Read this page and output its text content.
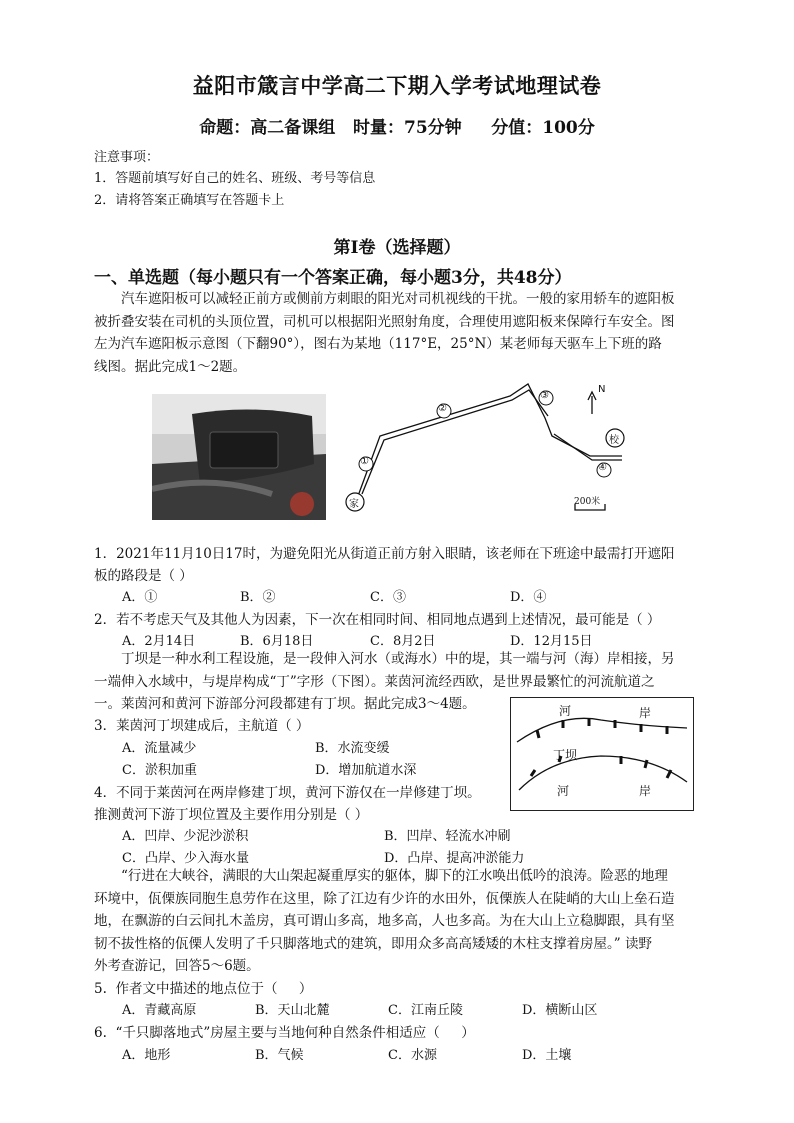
益阳市箴言中学高二下期入学考试地理试卷
命题：高二备课组   时量：75分钟     分值：100分
注意事项：
1．答题前填写好自己的姓名、班级、考号等信息
2．请将答案正确填写在答题卡上
第Ⅰ卷（选择题）
一、单选题（每小题只有一个答案正确，每小题3分，共48分）
汽车遮阳板可以减轻正前方或侧前方刺眼的阳光对司机视线的干扰。一般的家用轿车的遮阳板
被折叠安装在司机的头顶位置，司机可以根据阳光照射角度，合理使用遮阳板来保障行车安全。图
左为汽车遮阳板示意图（下翻90°），图右为某地（117°E，25°N）某老师每天驱车上下班的路
线图。据此完成1～2题。
①
②
③
④
家
校
N
200米
1．2021年11月10日17时，为避免阳光从街道正前方射入眼睛，该老师在下班途中最需打开遮阳
板的路段是（ ）
A．①	B．②	C．③	D．④
2．若不考虑天气及其他人为因素，下一次在相同时间、相同地点遇到上述情况，最可能是（ ）
A．2月14日	B．6月18日	C．8月2日	D．12月15日
丁坝是一种水利工程设施，是一段伸入河水（或海水）中的堤，其一端与河（海）岸相接，另
一端伸入水域中，与堤岸构成“丁”字形（下图）。莱茵河流经西欧，是世界最繁忙的河流航道之
一。莱茵河和黄河下游部分河段都建有丁坝。据此完成3～4题。	河	岸
丁坝
河	岸
3．莱茵河丁坝建成后，主航道（ ）
A．流量减少	B．水流变缓
C．淤积加重	D．增加航道水深
4．不同于莱茵河在两岸修建丁坝，黄河下游仅在一岸修建丁坝。
推测黄河下游丁坝位置及主要作用分别是（ ）
A．凹岸、少泥沙淤积	B．凹岸、轻流水冲刷
C．凸岸、少入海水量	D．凸岸、提高冲淤能力
“行进在大峡谷，满眼的大山架起凝重厚实的躯体，脚下的江水唤出低吟的浪涛。险恶的地理
环境中，佤傈族同胞生息劳作在这里，除了江边有少许的水田外，佤傈族人在陡峭的大山上垒石造
地，在飘游的白云间扎木盖房，真可谓山多高，地多高，人也多高。为在大山上立稳脚跟，具有坚
韧不拔性格的佤傈人发明了千只脚落地式的建筑，即用众多高高矮矮的木柱支撑着房屋。” 读野
外考查游记，回答5～6题。
5.  作者文中描述的地点位于（     ）
A．青藏高原	B．天山北麓	C．江南丘陵	D．横断山区
6.  “千只脚落地式”房屋主要与当地何种自然条件相适应（     ）
A．地形	B．气候	C．水源	D．土壤
